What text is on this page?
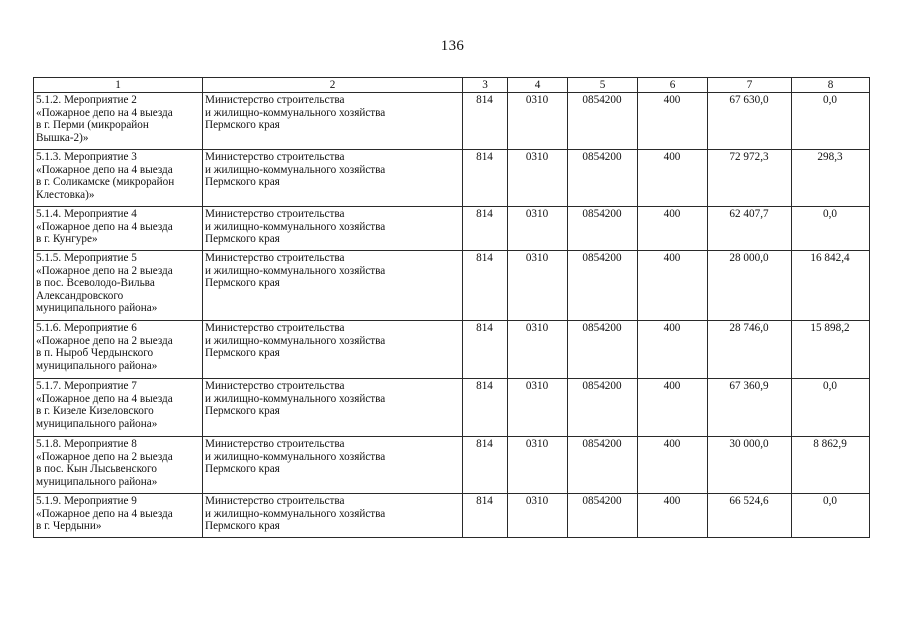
136
1	2	3	4	5	6	7	8
5.1.2. Мероприятие 2
«Пожарное депо на 4 выезда
в г. Перми (микрорайон
Вышка-2)»	Министерство строительства
и жилищно-коммунального хозяйства
Пермского края	814	0310	0854200	400	67 630,0	0,0
5.1.3. Мероприятие 3
«Пожарное депо на 4 выезда
в г. Соликамске (микрорайон
Клестовка)»	Министерство строительства
и жилищно-коммунального хозяйства
Пермского края	814	0310	0854200	400	72 972,3	298,3
5.1.4. Мероприятие 4
«Пожарное депо на 4 выезда
в г. Кунгуре»	Министерство строительства
и жилищно-коммунального хозяйства
Пермского края	814	0310	0854200	400	62 407,7	0,0
5.1.5. Мероприятие 5
«Пожарное депо на 2 выезда
в пос. Всеволодо-Вильва
Александровского
муниципального района»	Министерство строительства
и жилищно-коммунального хозяйства
Пермского края	814	0310	0854200	400	28 000,0	16 842,4
5.1.6. Мероприятие 6
«Пожарное депо на 2 выезда
в п. Ныроб Чердынского
муниципального района»	Министерство строительства
и жилищно-коммунального хозяйства
Пермского края	814	0310	0854200	400	28 746,0	15 898,2
5.1.7. Мероприятие 7
«Пожарное депо на 4 выезда
в г. Кизеле Кизеловского
муниципального района»	Министерство строительства
и жилищно-коммунального хозяйства
Пермского края	814	0310	0854200	400	67 360,9	0,0
5.1.8. Мероприятие 8
«Пожарное депо на 2 выезда
в пос. Кын Лысьвенского
муниципального района»	Министерство строительства
и жилищно-коммунального хозяйства
Пермского края	814	0310	0854200	400	30 000,0	8 862,9
5.1.9. Мероприятие 9
«Пожарное депо на 4 выезда
в г. Чердыни»	Министерство строительства
и жилищно-коммунального хозяйства
Пермского края	814	0310	0854200	400	66 524,6	0,0
